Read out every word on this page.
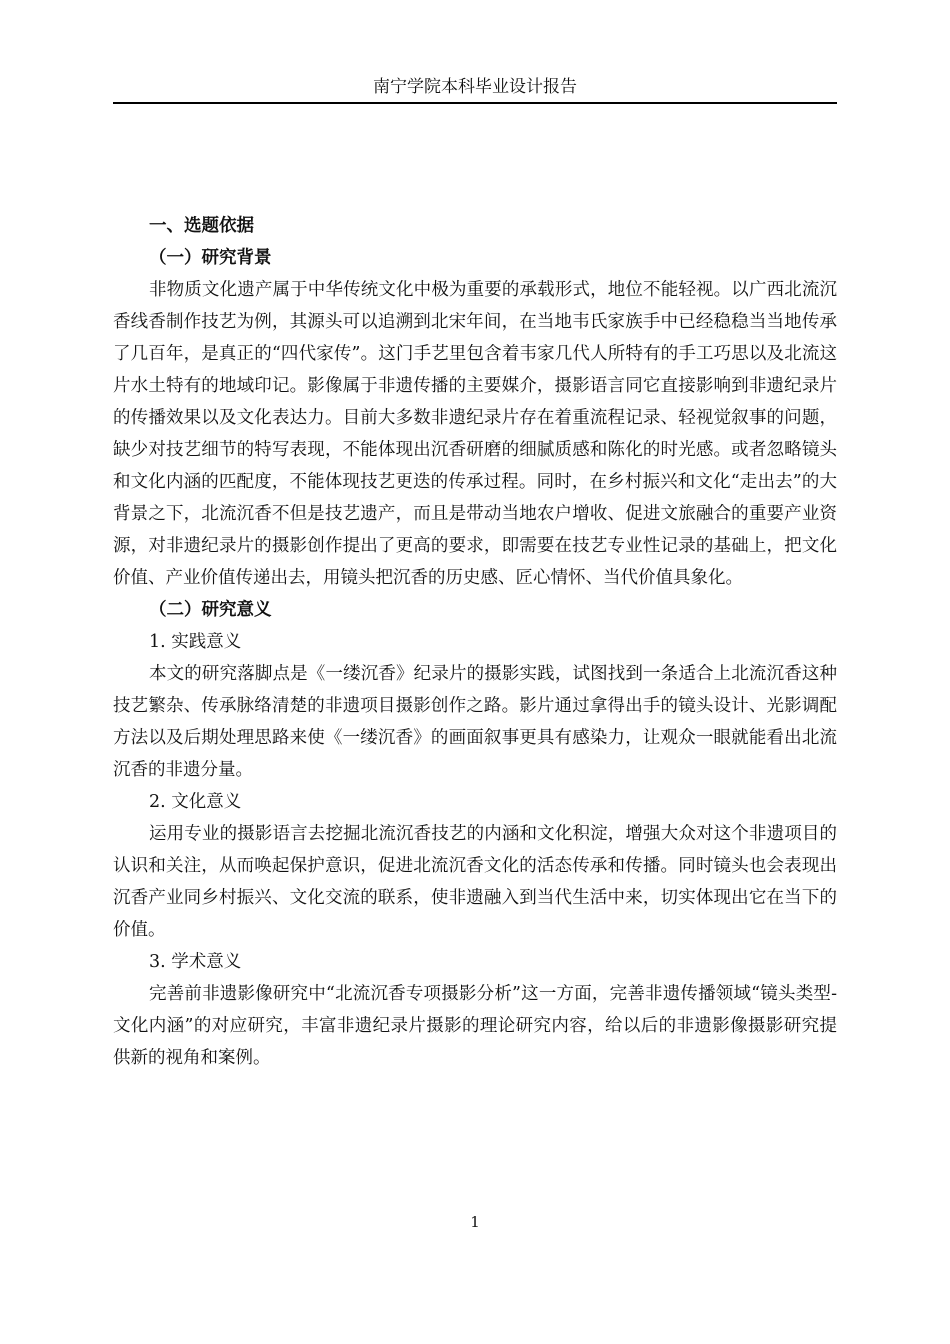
南宁学院本科毕业设计报告

一、选题依据

（一）研究背景

非物质文化遗产属于中华传统文化中极为重要的承载形式，地位不能轻视。以广西北流沉香线香制作技艺为例，其源头可以追溯到北宋年间，在当地韦氏家族手中已经稳稳当当地传承了几百年，是真正的“四代家传”。这门手艺里包含着韦家几代人所特有的手工巧思以及北流这片水土特有的地域印记。影像属于非遗传播的主要媒介，摄影语言同它直接影响到非遗纪录片的传播效果以及文化表达力。目前大多数非遗纪录片存在着重流程记录、轻视觉叙事的问题，缺少对技艺细节的特写表现，不能体现出沉香研磨的细腻质感和陈化的时光感。或者忽略镜头和文化内涵的匹配度，不能体现技艺更迭的传承过程。同时，在乡村振兴和文化“走出去”的大背景之下，北流沉香不但是技艺遗产，而且是带动当地农户增收、促进文旅融合的重要产业资源，对非遗纪录片的摄影创作提出了更高的要求，即需要在技艺专业性记录的基础上，把文化价值、产业价值传递出去，用镜头把沉香的历史感、匠心情怀、当代价值具象化。

（二）研究意义

1. 实践意义

本文的研究落脚点是《一缕沉香》纪录片的摄影实践，试图找到一条适合上北流沉香这种技艺繁杂、传承脉络清楚的非遗项目摄影创作之路。影片通过拿得出手的镜头设计、光影调配方法以及后期处理思路来使《一缕沉香》的画面叙事更具有感染力，让观众一眼就能看出北流沉香的非遗分量。

2. 文化意义

运用专业的摄影语言去挖掘北流沉香技艺的内涵和文化积淀，增强大众对这个非遗项目的认识和关注，从而唤起保护意识，促进北流沉香文化的活态传承和传播。同时镜头也会表现出沉香产业同乡村振兴、文化交流的联系，使非遗融入到当代生活中来，切实体现出它在当下的价值。

3. 学术意义

完善前非遗影像研究中“北流沉香专项摄影分析”这一方面，完善非遗传播领域“镜头类型-文化内涵”的对应研究，丰富非遗纪录片摄影的理论研究内容，给以后的非遗影像摄影研究提供新的视角和案例。

1
